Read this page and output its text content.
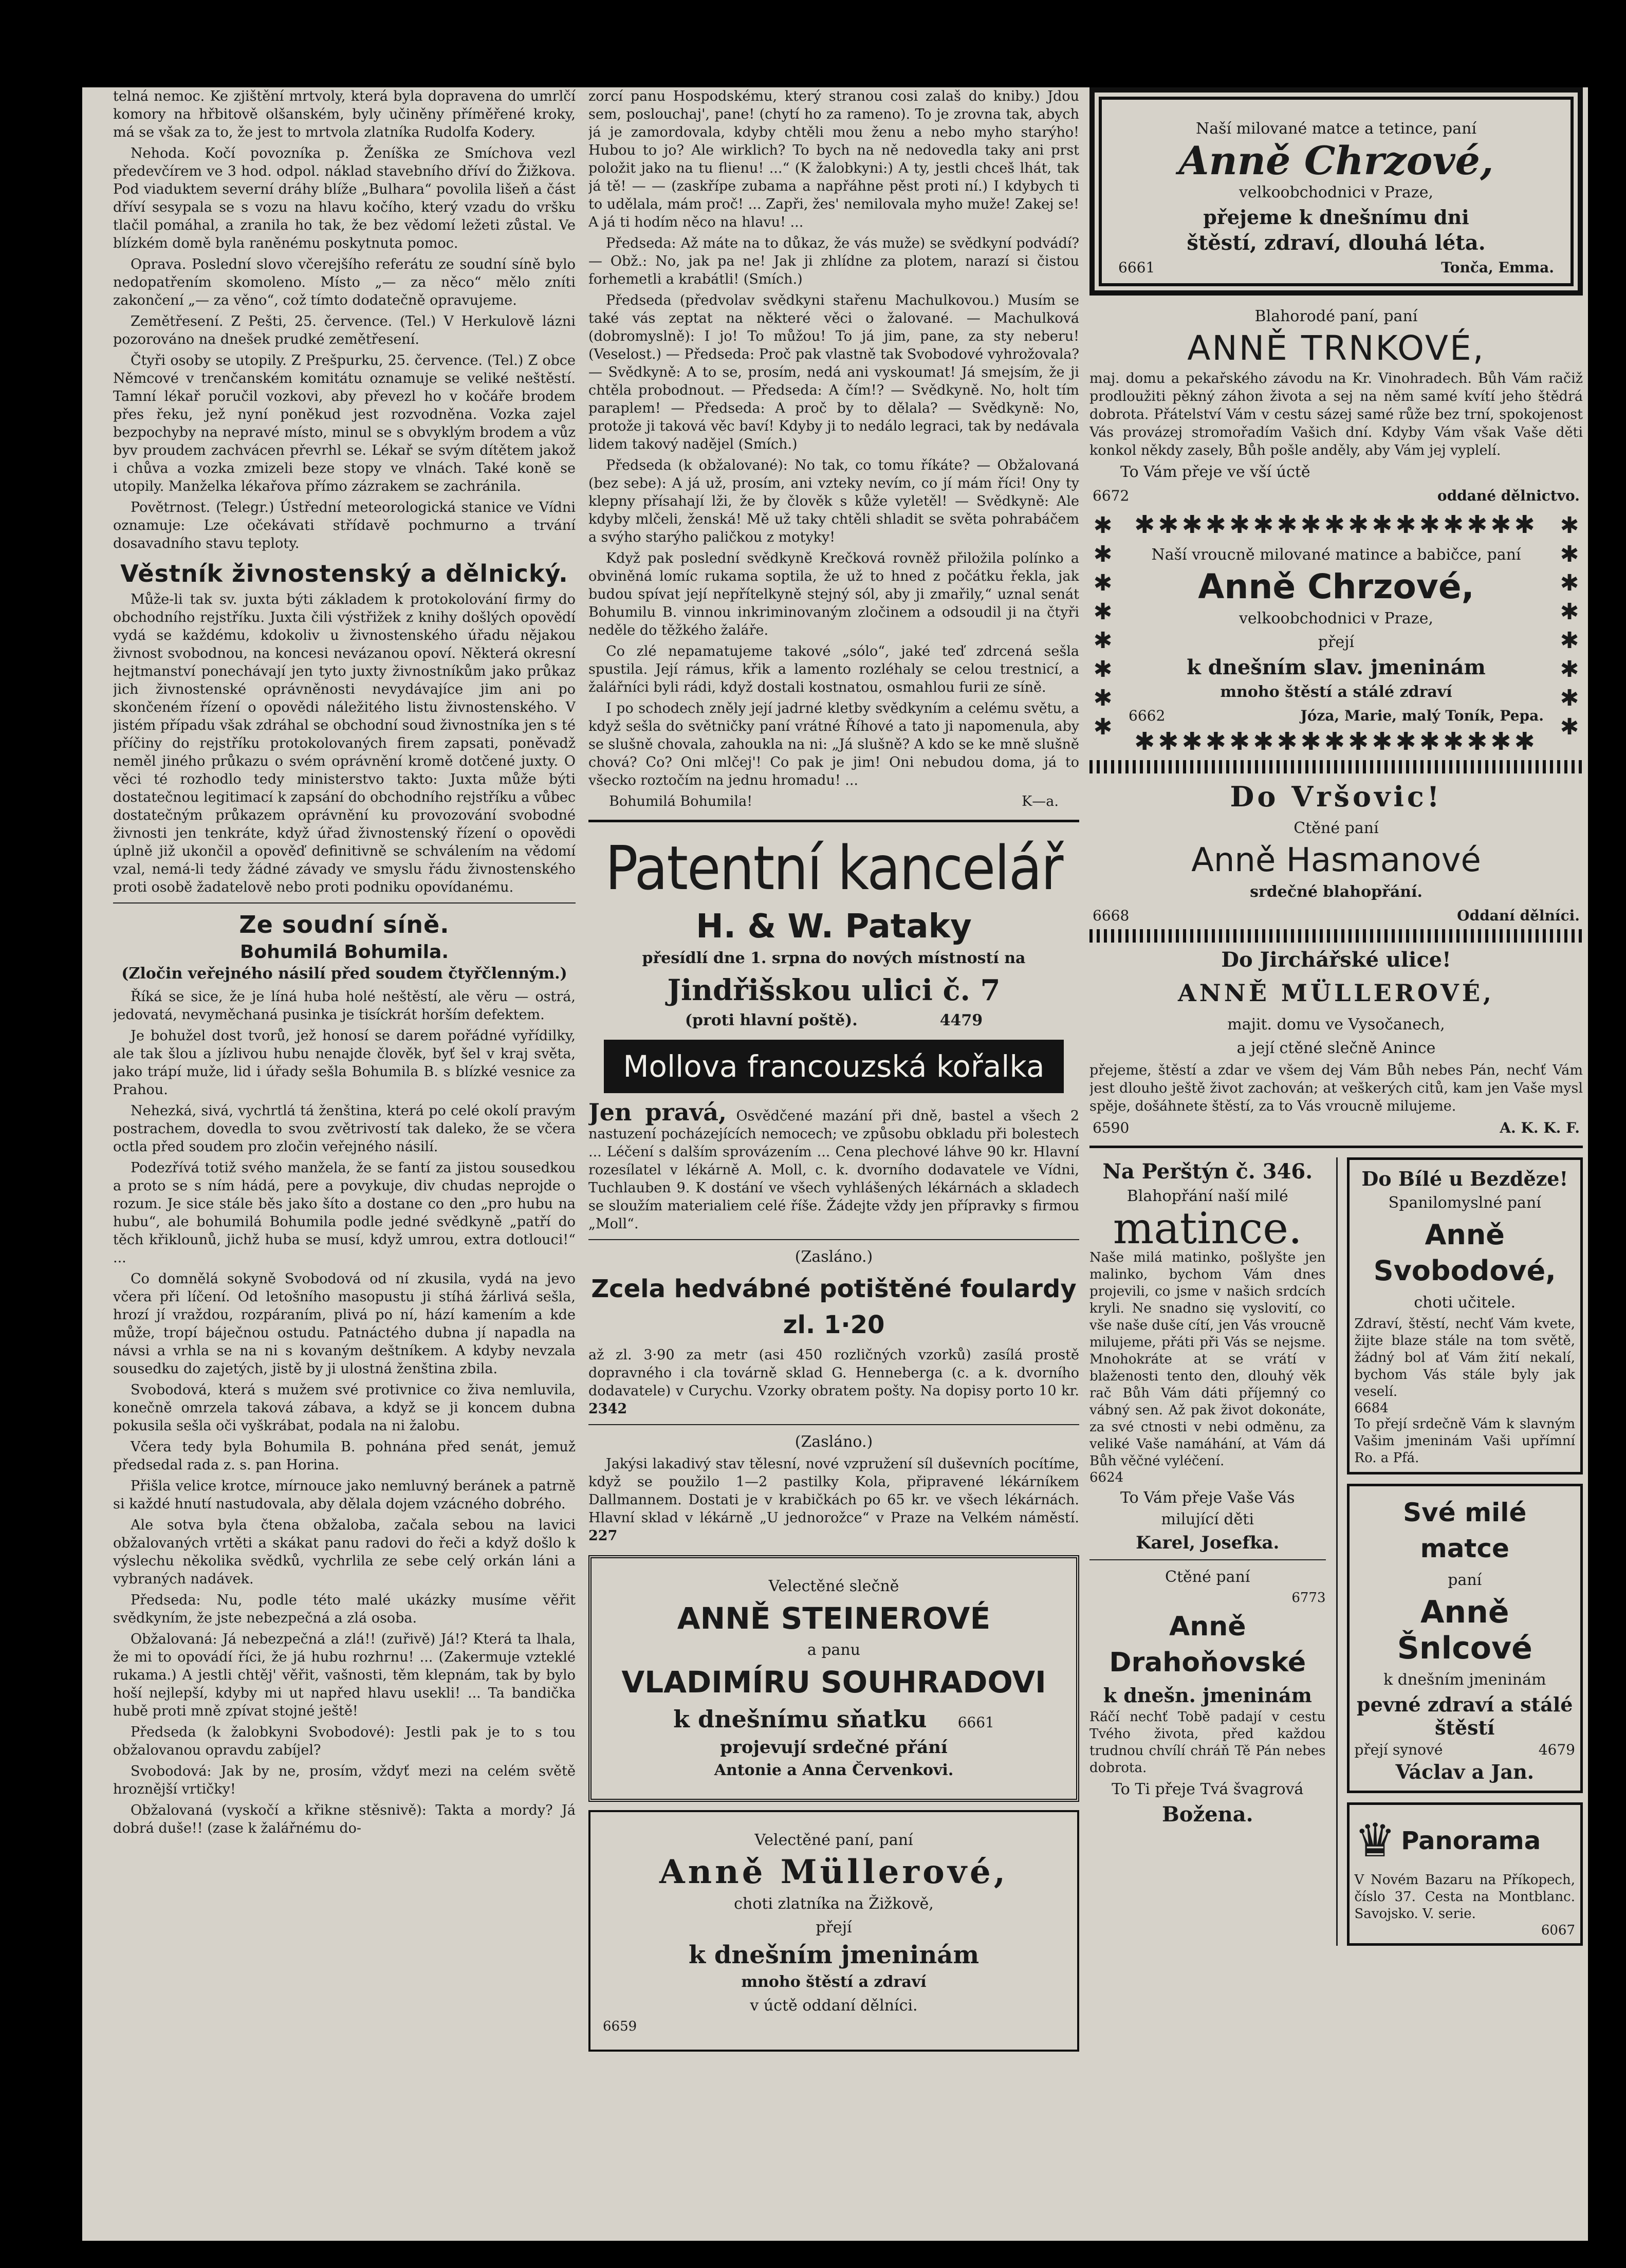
telná nemoc. Ke zjištění mrtvoly, která byla dopravena do umrlčí komory na hřbitově olšanském, byly učiněny příměřené kroky, má se však za to, že jest to mrtvola zlatníka Rudolfa Kodery.

Nehoda. Kočí povozníka p. Ženíška ze Smíchova vezl předevčírem ve 3 hod. odpol. náklad stavebního dříví do Žižkova. Pod viaduktem severní dráhy blíže „Bulhara“ povolila lišeň a část dříví sesypala se s vozu na hlavu kočího, který vzadu do vršku tlačil pomáhal, a zranila ho tak, že bez vědomí ležeti zůstal. Ve blízkém domě byla raněnému poskytnuta pomoc.

Oprava. Poslední slovo včerejšího referátu ze soudní síně bylo nedopatřením skomoleno. Místo „— za něco“ mělo zníti zakončení „— za věno“, což tímto dodatečně opravujeme.

Zemětřesení. Z Pešti, 25. července. (Tel.) V Herkulově lázni pozorováno na dnešek prudké zemětřesení.

Čtyři osoby se utopily. Z Prešpurku, 25. července. (Tel.) Z obce Němcové v trenčanském komitátu oznamuje se veliké neštěstí. Tamní lékař poručil vozkovi, aby převezl ho v kočáře brodem přes řeku, jež nyní poněkud jest rozvodněna. Vozka zajel bezpochyby na nepravé místo, minul se s obvyklým brodem a vůz byv proudem zachvácen převrhl se. Lékař se svým dítětem jakož i chůva a vozka zmizeli beze stopy ve vlnách. Také koně se utopily. Manželka lékařova přímo zázrakem se zachránila.

Povětrnost. (Telegr.) Ústřední meteorologická stanice ve Vídni oznamuje: Lze očekávati střídavě pochmurno a trvání dosavadního stavu teploty.

Věstník živnostenský a dělnický.

Může-li tak sv. juxta býti základem k protokolování firmy do obchodního rejstříku. Juxta čili výstřižek z knihy došlých opovědí vydá se každému, kdokoliv u živnostenského úřadu nějakou živnost svobodnou, na koncesi nevázanou opoví. Některá okresní hejtmanství ponechávají jen tyto juxty živnostníkům jako průkaz jich živnostenské oprávněnosti nevydávajíce jim ani po skončeném řízení o opovědi náležitého listu živnostenského. V jistém případu však zdráhal se obchodní soud živnostníka jen s té příčiny do rejstříku protokolovaných firem zapsati, poněvadž neměl jiného průkazu o svém oprávnění kromě dotčené juxty. O věci té rozhodlo tedy ministerstvo takto: Juxta může býti dostatečnou legitimací k zapsání do obchodního rejstříku a vůbec dostatečným průkazem oprávnění ku provozování svobodné živnosti jen tenkráte, když úřad živnostenský řízení o opovědi úplně již ukončil a opověď definitivně se schválením na vědomí vzal, nemá-li tedy žádné závady ve smyslu řádu živnostenského proti osobě žadatelově nebo proti podniku opovídanému.

Ze soudní síně.
Bohumilá Bohumila.
(Zločin veřejného násilí před soudem čtyřčlenným.)

Říká se sice, že je líná huba holé neštěstí, ale věru — ostrá, jedovatá, nevyměchaná pusinka je tisíckrát horším defektem.

Je bohužel dost tvorů, jež honosí se darem pořádné vyřídilky, ale tak šlou a jízlivou hubu nenajde člověk, byť šel v kraj světa, jako trápí muže, lid i úřady sešla Bohumila B. s blízké vesnice za Prahou.

Nehezká, sivá, vychrtlá tá ženština, která po celé okolí pravým postrachem, dovedla to svou zvětrivostí tak daleko, že se včera octla před soudem pro zločin veřejného násilí.

Podezřívá totiž svého manžela, že se fantí za jistou sousedkou a proto se s ním hádá, pere a povykuje, div chudas neprojde o rozum. Je sice stále běs jako šíto a dostane co den „pro hubu na hubu“, ale bohumilá Bohumila podle jedné svědkyně „patří do těch křiklounů, jichž huba se musí, když umrou, extra dotlouci!“ ...

Co domnělá sokyně Svobodová od ní zkusila, vydá na jevo včera při líčení. Od letošního masopustu ji stíhá žárlivá sešla, hrozí jí vraždou, rozpáraním, plivá po ní, hází kamením a kde může, tropí báječnou ostudu. Patnáctého dubna jí napadla na návsi a vrhla se na ni s kovaným deštníkem. A kdyby nevzala sousedku do zajetých, jistě by ji ulostná ženština zbila.

Svobodová, která s mužem své protivnice co živa nemluvila, konečně omrzela taková zábava, a když se ji koncem dubna pokusila sešla oči vyškrábat, podala na ni žalobu.

Včera tedy byla Bohumila B. pohnána před senát, jemuž předsedal rada z. s. pan Horina.

Přišla velice krotce, mírnouce jako nemluvný beránek a patrně si každé hnutí nastudovala, aby dělala dojem vzácného dobrého.

Ale sotva byla čtena obžaloba, začala sebou na lavici obžalovaných vrtěti a skákat panu radovi do řeči a když došlo k výslechu několika svědků, vychrlila ze sebe celý orkán láni a vybraných nadávek.

Předseda: Nu, podle této malé ukázky musíme věřit svědkyním, že jste nebezpečná a zlá osoba.

Obžalovaná: Já nebezpečná a zlá!! (zuřivě) Já!? Která ta lhala, že mi to opovádí říci, že já hubu rozhrnu! ... (Zakermuje vzteklé rukama.) A jestli chtěj' věřit, vašnosti, těm klepnám, tak by bylo hoší nejlepší, kdyby mi ut napřed hlavu usekli! ... Ta bandička hubě proti mně zpívat stojné ještě!

Předseda (k žalobkyni Svobodové): Jestli pak je to s tou obžalovanou opravdu zabíjel?

Svobodová: Jak by ne, prosím, vždyť mezi na celém světě hroznější vrtičky!

Obžalovaná (vyskočí a křikne stěsnivě): Takta a mordy? Já dobrá duše!! (zase k žalářnému do-

zorcí panu Hospodskému, který stranou cosi zalaš do kniby.) Jdou sem, poslouchaj', pane! (chytí ho za rameno). To je zrovna tak, abych já je zamordovala, kdyby chtěli mou ženu a nebo myho starýho! Hubou to jo? Ale wirklich? To bych na ně nedovedla taky ani prst položit jako na tu flienu! ...“ (K žalobkyni:) A ty, jestli chceš lhát, tak já tě! — — (zaskřípe zubama a napřáhne pěst proti ní.) I kdybych ti to udělala, mám proč! ... Zapři, žes' nemilovala myho muže! Zakej se! A já ti hodím něco na hlavu! ...

Předseda: Až máte na to důkaz, že vás muže) se svědkyní podvádí? — Obž.: No, jak pa ne! Jak ji zhlídne za plotem, narazí si čistou forhemetli a krabátli! (Smích.)

Předseda (předvolav svědkyni stařenu Machulkovou.) Musím se také vás zeptat na některé věci o žalované. — Machulková (dobromyslně): I jo! To můžou! To já jim, pane, za sty neberu! (Veselost.) — Předseda: Proč pak vlastně tak Svobodové vyhrožovala? — Svědkyně: A to se, prosím, nedá ani vyskoumat! Já smejsím, že ji chtěla probodnout. — Předseda: A čím!? — Svědkyně. No, holt tím paraplem! — Předseda: A proč by to dělala? — Svědkyně: No, protože ji taková věc baví! Kdyby ji to nedálo legraci, tak by nedávala lidem takový nadějel (Smích.)

Předseda (k obžalované): No tak, co tomu říkáte? — Obžalovaná (bez sebe): A já už, prosím, ani vzteky nevím, co jí mám říci! Ony ty klepny přísahají lži, že by člověk s kůže vyletěl! — Svědkyně: Ale kdyby mlčeli, ženská! Mě už taky chtěli shladit se světa pohrabáčem a svýho starýho paličkou z motyky!

Když pak poslední svědkyně Krečková rovněž přiložila polínko a obviněná lomíc rukama soptila, že už to hned z počátku řekla, jak budou spívat její nepřítelkyně stejný sól, aby ji zmařily,“ uznal senát Bohumilu B. vinnou inkriminovaným zločinem a odsoudil ji na čtyři neděle do těžkého žaláře.

Co zlé nepamatujeme takové „sólo“, jaké teď zdrcená sešla spustila. Její rámus, křik a lamento rozléhaly se celou trestnicí, a žalářníci byli rádi, když dostali kostnatou, osmahlou furii ze síně.

I po schodech zněly její jadrné kletby svědkyním a celému světu, a když sešla do světničky paní vrátné Říhové a tato ji napomenula, aby se slušně chovala, zahoukla na ni: „Já slušně? A kdo se ke mně slušně chová? Co? Oni mlčej'! Co pak je jim! Oni nebudou doma, já to všecko roztočím na jednu hromadu! ...

Bohumilá Bohumila!	K—a.
Patentní kancelář
H. & W. Pataky
přesídlí dne 1. srpna do nových místností na
Jindřišskou ulici č. 7
(proti hlavní poště).	4479
Mollova francouzská kořalka

Jen pravá, Osvědčené mazání při dně, bastel a všech 2 nastuzení pocházejících nemocech; ve způsobu obkladu při bolestech ... Léčení s dalším sprovázením ... Cena plechové láhve 90 kr. Hlavní rozesílatel v lékárně A. Moll, c. k. dvorního dodavatele ve Vídni, Tuchlauben 9. K dostání ve všech vyhlášených lékárnách a skladech se sloužím materialiem celé říše. Žádejte vždy jen přípravky s firmou „Moll“.

(Zasláno.)
Zcela hedvábné potištěné foulardy zl. 1·20

až zl. 3·90 za metr (asi 450 rozličných vzorků) zasílá prostě dopravného i cla továrně sklad G. Henneberga (c. a k. dvorního dodavatele) v Curychu. Vzorky obratem pošty. Na dopisy porto 10 kr. 2342

(Zasláno.)

Jakýsi lakadivý stav tělesní, nové vzpružení síl duševních pocítíme, když se použilo 1—2 pastilky Kola, připravené lékárníkem Dallmannem. Dostati je v krabičkách po 65 kr. ve všech lékárnách. Hlavní sklad v lékárně „U jednorožce“ v Praze na Velkém náměstí. 227

Velectěné slečně
ANNĚ STEINEROVÉ
a panu
VLADIMÍRU SOUHRADOVI
k dnešnímu sňatku 6661
projevují srdečné přání
Antonie a Anna Červenkovi.
Velectěné paní, paní
Anně Müllerové,
choti zlatníka na Žižkově,
přejí
k dnešním jmeninám
mnoho štěstí a zdraví
v úctě oddaní dělníci.
6659
Naší milované matce a tetince, paní
Anně Chrzové,
velkoobchodnici v Praze,
přejeme k dnešnímu dni
štěstí, zdraví, dlouhá léta.
6661	Tonča, Emma.
Blahorodé paní, paní
ANNĚ TRNKOVÉ,
maj. domu a pekařského závodu na Kr. Vinohradech. Bůh Vám račiž prodloužiti pěkný záhon života a sej na něm samé kvítí jeho štědrá dobrota. Přátelství Vám v cestu sázej samé růže bez trní, spokojenost Vás provázej stromořadím Vašich dní. Kdyby Vám však Vaše děti konkol někdy zasely, Bůh pošle anděly, aby Vám jej vyplelí.
To Vám přeje ve vší úctě
6672	oddané dělnictvo.
✱✱✱✱✱✱✱✱✱✱✱✱✱✱✱✱✱
✱✱✱✱✱✱✱✱✱✱✱✱✱✱✱✱✱
✱
✱
✱
✱
✱
✱
✱
✱
✱
✱
✱
✱
✱
✱
✱
✱
Naší vroucně milované matince a babičce, paní
Anně Chrzové,
velkoobchodnici v Praze,
přejí
k dnešním slav. jmeninám
mnoho štěstí a stálé zdraví
6662	Józa, Marie, malý Toník, Pepa.
Do Vršovic!
Ctěné paní
Anně Hasmanové
srdečné blahopřání.
6668	Oddaní dělníci.
Do Jirchářské ulice!
ANNĚ MÜLLEROVÉ,
majit. domu ve Vysočanech,
a její ctěné slečně Anince
přejeme, štěstí a zdar ve všem dej Vám Bůh nebes Pán, nechť Vám jest dlouho ještě život zachován; at veškerých citů, kam jen Vaše mysl spěje, došáhnete štěstí, za to Vás vroucně milujeme.
6590	A. K. K. F.
Na Perštýn č. 346.
Blahopřání naší milé
matince.
Naše milá matinko, pošlyšte jen malinko, bychom Vám dnes projevili, co jsme v našich srdcích kryli. Ne snadno się vyslovití, co vše naše duše cítí, jen Vás vroucně milujeme, přáti při Vás se nejsme. Mnohokráte at se vrátí v blaženosti tento den, dlouhý věk rač Bůh Vám dáti příjemný co vábný sen. Až pak život dokonáte, za své ctnosti v nebi odměnu, za veliké Vaše namáhání, at Vám dá Bůh věčné vyléčení.
6624
To Vám přeje Vaše Vás milující děti
Karel, Josefka.
Ctěné paní
6773
Anně Drahoňovské
k dnešn. jmeninám
Ráčí nechť Tobě padají v cestu Tvého života, před každou trudnou chvílí chráň Tě Pán nebes dobrota.
To Ti přeje Tvá švagrová
Božena.
Do Bílé u Bezděze!
Spanilomyslné paní
Anně Svobodové,
choti učitele.
Zdraví, štěstí, nechť Vám kvete, žijte blaze stále na tom světě, žádný bol ať Vám žití nekalí, bychom Vás stále byly jak veselí.
6684
To přejí srdečně Vám k slavným Vašim jmeninám Vaši upřímní Ro. a Pfá.
Své milé matce
paní
Anně Šnlcové
k dnešním jmeninám
pevné zdraví a stálé štěstí
přejí synové	4679
Václav a Jan.
♛ Panorama
V Novém Bazaru na Příkopech, číslo 37. Cesta na Montblanc. Savojsko. V. serie.
6067
